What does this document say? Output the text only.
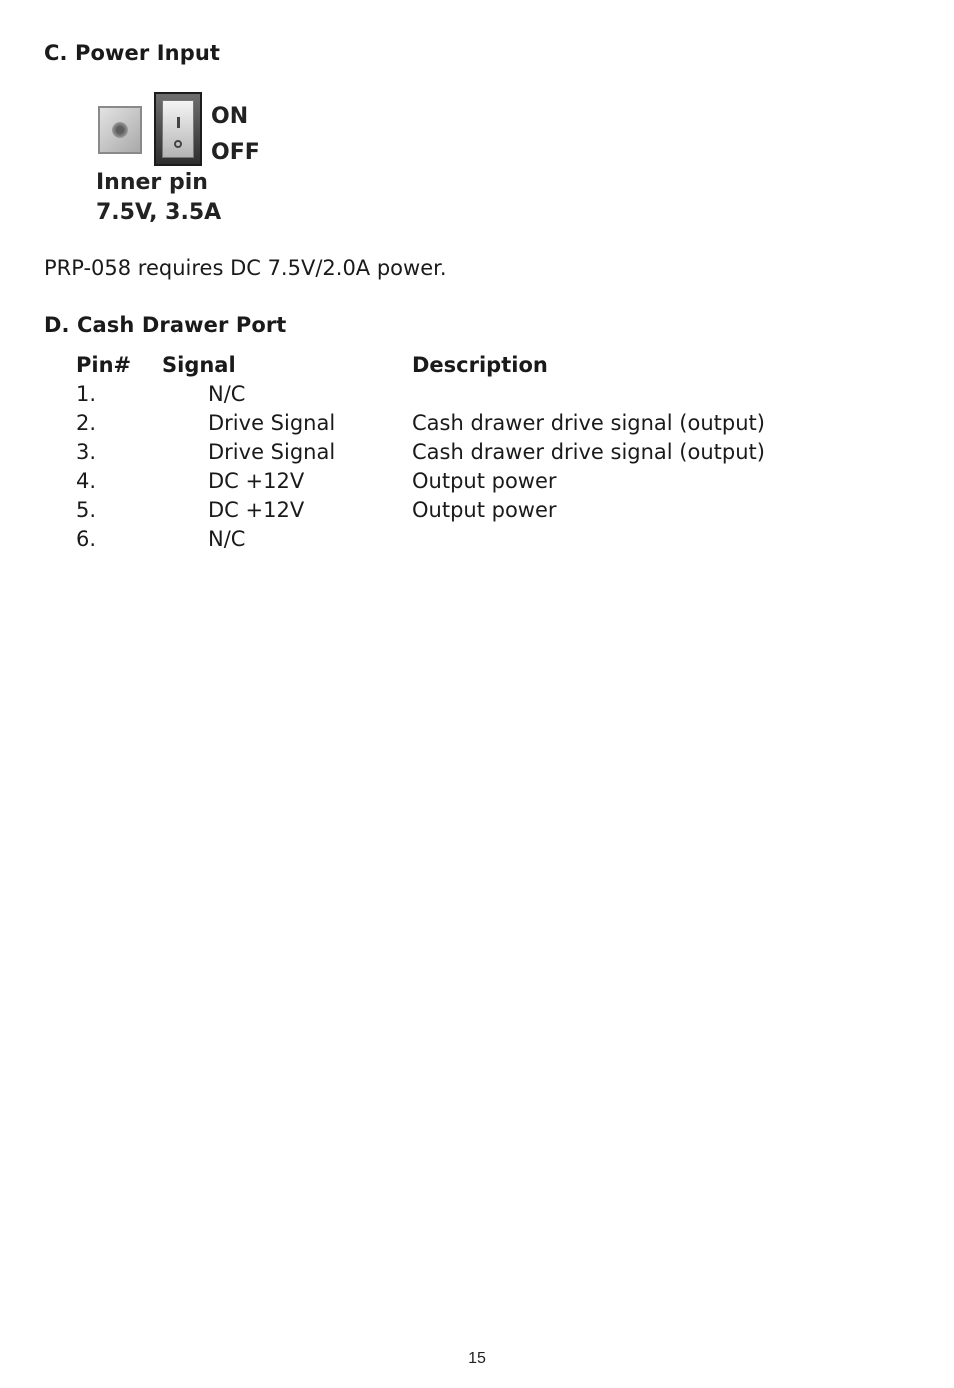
C. Power Input
ON
OFF
Inner pin
7.5V, 3.5A
PRP-058 requires DC 7.5V/2.0A power.
D. Cash Drawer Port
Pin# Signal	Description
1.	N/C
2.	Drive Signal	Cash drawer drive signal (output)
3.	Drive Signal	Cash drawer drive signal (output)
4.	DC +12V	Output power
5.	DC +12V	Output power
6.	N/C
15
